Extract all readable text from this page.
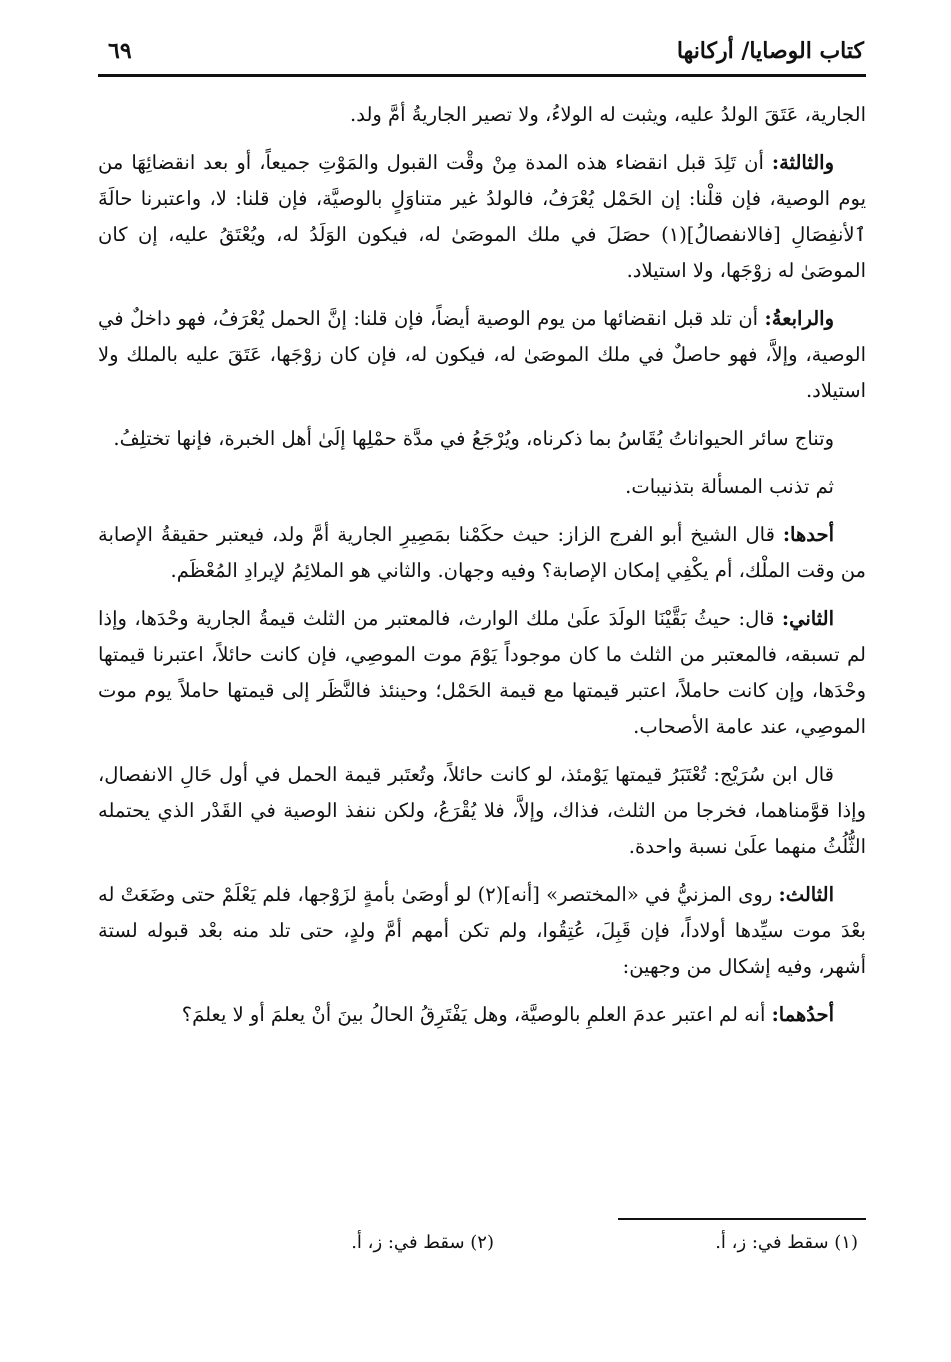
كتاب الوصايا/ أركانها
٦٩

الجارية، عَتَقَ الولدُ عليه، ويثبت له الولاءُ، ولا تصير الجاريةُ أمَّ ولد.

والثالثة: أن تَلِدَ قبل انقضاء هذه المدة مِنْ وقْت القبول والمَوْتِ جميعاً، أو بعد انقضائِهَا من يوم الوصية، فإن قلْنا: إن الحَمْل يُعْرَفُ، فالولدُ غير متناوَلٍ بالوصيَّة، فإن قلنا: لا، واعتبرنا حالَةَ ٱلأنفِصَالِ [فالانفصالُ](١) حصَلَ في ملك الموصَىٰ له، فيكون الوَلَدُ له، ويُعْتَقُ عليه، إن كان الموصَىٰ له زوْجَها، ولا استيلاد.

والرابعةُ: أن تلد قبل انقضائها من يوم الوصية أيضاً، فإن قلنا: إنَّ الحمل يُعْرَفُ، فهو داخلٌ في الوصية، وإلاَّ، فهو حاصلٌ في ملك الموصَىٰ له، فيكون له، فإن كان زوْجَها، عَتَقَ عليه بالملك ولا استيلاد.

وتناج سائر الحيواناتُ يُقَاسُ بما ذكرناه، ويُرْجَعُ في مدَّة حمْلِها إلَىٰ أهل الخبرة، فإنها تختلِفُ.

ثم تذنب المسألة بتذنيبات.

أحدها: قال الشيخ أبو الفرج الزاز: حيث حكَمْنا بمَصِيرِ الجارية أمَّ ولد، فيعتبر حقيقةُ الإصابة من وقت الملْك، أم يكْفِي إمكان الإصابة؟ وفيه وجهان. والثاني هو الملائِمُ لإيرادِ المُعْظَم.

الثاني: قال: حيثُ بَقَّيْنَا الولَدَ علَىٰ ملك الوارث، فالمعتبر من الثلث قيمةُ الجارية وحْدَها، وإذا لم تسبقه، فالمعتبر من الثلث ما كان موجوداً يَوْمَ موت الموصِي، فإن كانت حائلاً، اعتبرنا قيمتها وحْدَها، وإن كانت حاملاً، اعتبر قيمتها مع قيمة الحَمْل؛ وحينئذ فالنَّظَر إلى قيمتها حاملاً يوم موت الموصِي، عند عامة الأصحاب.

قال ابن سُرَيْج: تُعْتَبَرُ قيمتها يَوْمئذ، لو كانت حائلاً، وتُعتَبر قيمة الحمل في أول حَالِ الانفصال، وإذا قوَّمناهما، فخرجا من الثلث، فذاك، وإلاَّ، فلا يُقْرَعُ، ولكن ننفذ الوصية في القَدْر الذي يحتمله الثُّلُثُ منهما علَىٰ نسبة واحدة.

الثالث: روى المزنيُّ في «المختصر» [أنه](٢) لو أوصَىٰ بأمةٍ لزَوْجها، فلم يَعْلَمْ حتى وضَعَتْ له بعْدَ موت سيِّدها أولاداً، فإن قَبِلَ، عُتِقُوا، ولم تكن أمهم أمَّ ولدٍ، حتى تلد منه بعْد قبوله لستة أشهر، وفيه إشكال من وجهين:

أحدُهما: أنه لم اعتبر عدمَ العلمِ بالوصيَّة، وهل يَفْتَرِقُ الحالُ بينَ أنْ يعلمَ أو لا يعلمَ؟

(١) سقط في: ز، أ.
(٢) سقط في: ز، أ.
